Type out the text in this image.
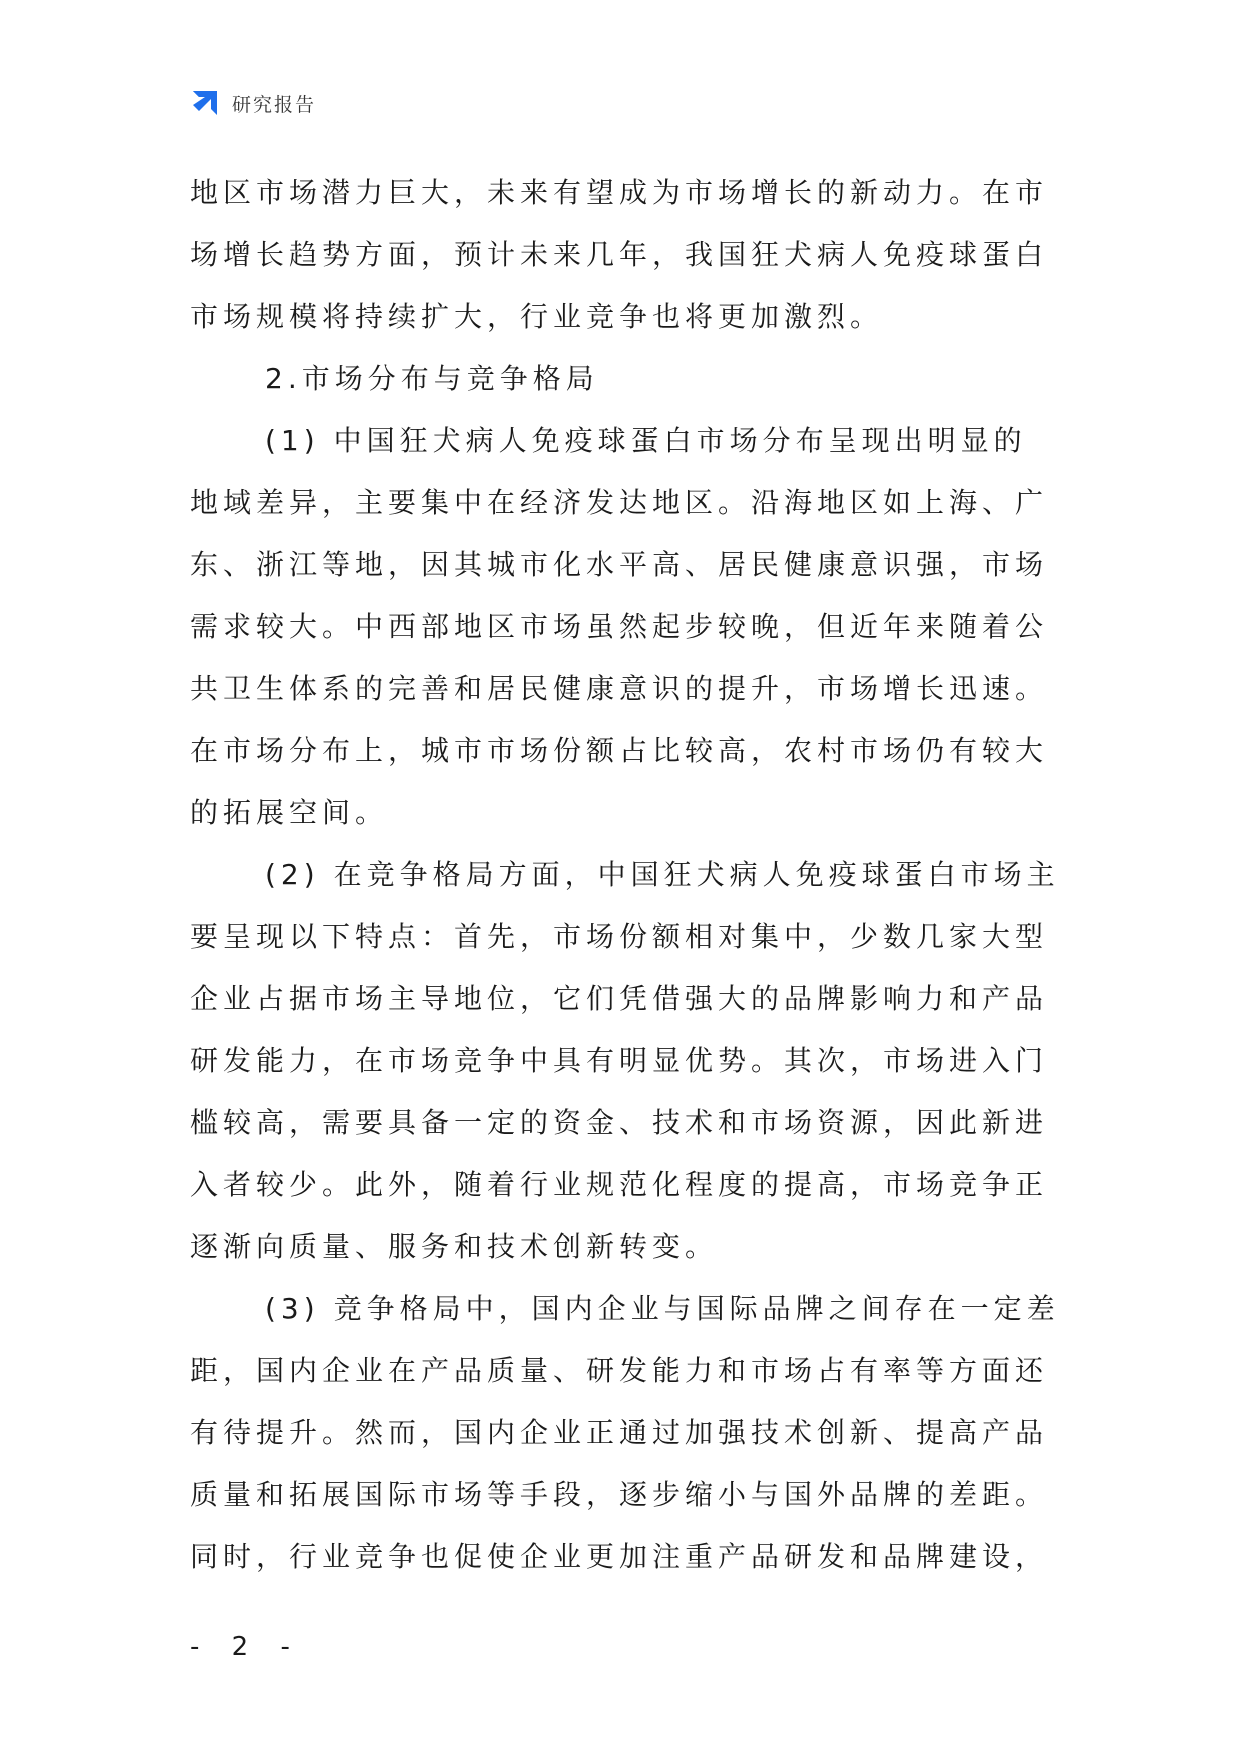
研究报告
地区市场潜力巨大，未来有望成为市场增长的新动力。在市
场增长趋势方面，预计未来几年，我国狂犬病人免疫球蛋白
市场规模将持续扩大，行业竞争也将更加激烈。
2.市场分布与竞争格局
(1) 中国狂犬病人免疫球蛋白市场分布呈现出明显的
地域差异，主要集中在经济发达地区。沿海地区如上海、广
东、浙江等地，因其城市化水平高、居民健康意识强，市场
需求较大。中西部地区市场虽然起步较晚，但近年来随着公
共卫生体系的完善和居民健康意识的提升，市场增长迅速。
在市场分布上，城市市场份额占比较高，农村市场仍有较大
的拓展空间。
(2) 在竞争格局方面，中国狂犬病人免疫球蛋白市场主
要呈现以下特点：首先，市场份额相对集中，少数几家大型
企业占据市场主导地位，它们凭借强大的品牌影响力和产品
研发能力，在市场竞争中具有明显优势。其次，市场进入门
槛较高，需要具备一定的资金、技术和市场资源，因此新进
入者较少。此外，随着行业规范化程度的提高，市场竞争正
逐渐向质量、服务和技术创新转变。
(3) 竞争格局中，国内企业与国际品牌之间存在一定差
距，国内企业在产品质量、研发能力和市场占有率等方面还
有待提升。然而，国内企业正通过加强技术创新、提高产品
质量和拓展国际市场等手段，逐步缩小与国外品牌的差距。
同时，行业竞争也促使企业更加注重产品研发和品牌建设，
- 2 -
